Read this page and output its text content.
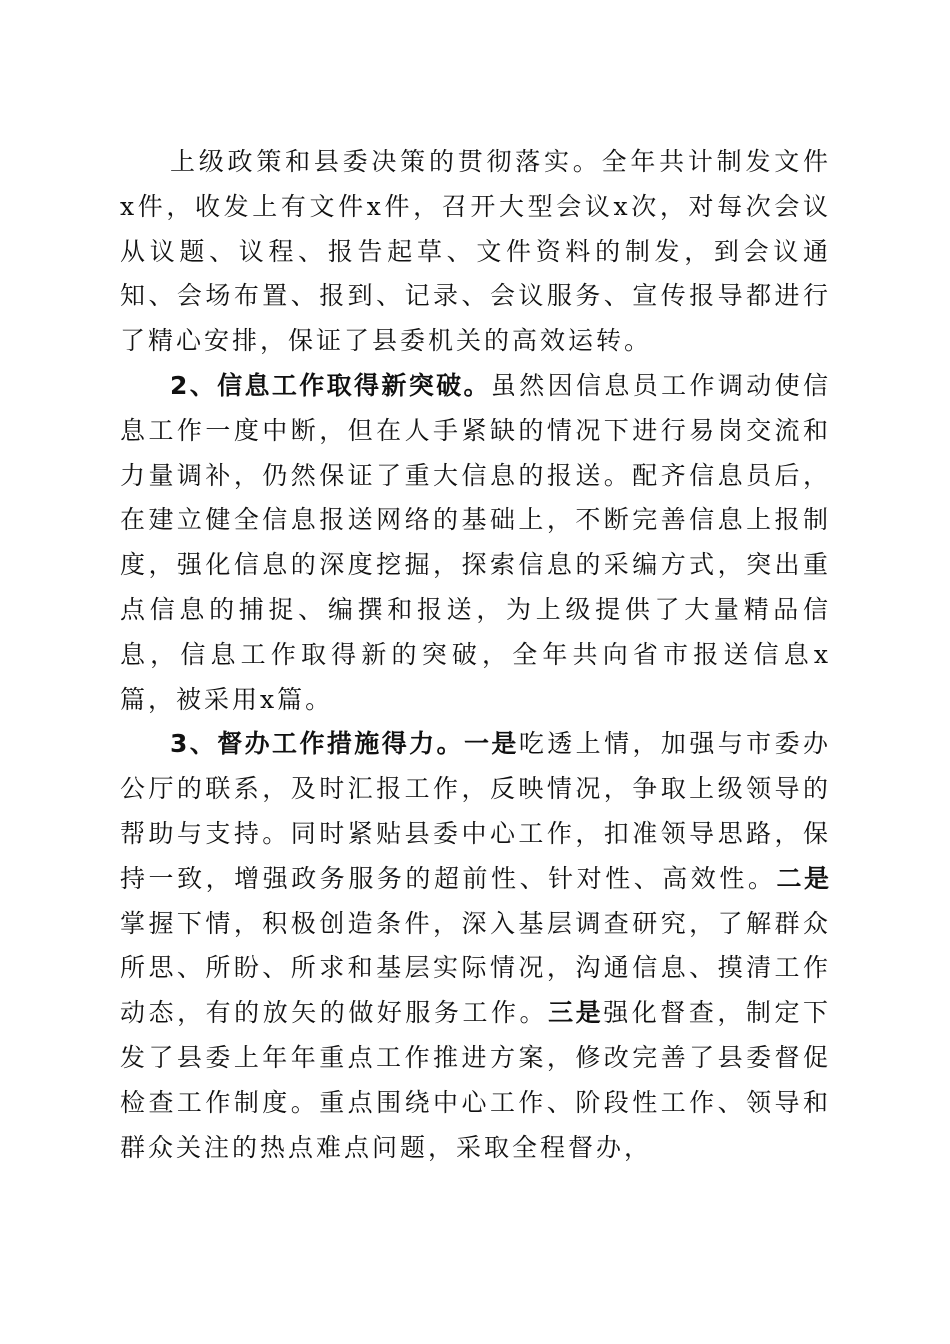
上级政策和县委决策的贯彻落实。全年共计制发文件x件，收发上有文件x件，召开大型会议x次，对每次会议从议题、议程、报告起草、文件资料的制发，到会议通知、会场布置、报到、记录、会议服务、宣传报导都进行了精心安排，保证了县委机关的高效运转。

2、信息工作取得新突破。虽然因信息员工作调动使信息工作一度中断，但在人手紧缺的情况下进行易岗交流和力量调补，仍然保证了重大信息的报送。配齐信息员后，在建立健全信息报送网络的基础上，不断完善信息上报制度，强化信息的深度挖掘，探索信息的采编方式，突出重点信息的捕捉、编撰和报送，为上级提供了大量精品信息，信息工作取得新的突破，全年共向省市报送信息x篇，被采用x篇。

3、督办工作措施得力。一是吃透上情，加强与市委办公厅的联系，及时汇报工作，反映情况，争取上级领导的帮助与支持。同时紧贴县委中心工作，扣准领导思路，保持一致，增强政务服务的超前性、针对性、高效性。二是掌握下情，积极创造条件，深入基层调查研究，了解群众所思、所盼、所求和基层实际情况，沟通信息、摸清工作动态，有的放矢的做好服务工作。三是强化督查，制定下发了县委上年年重点工作推进方案，修改完善了县委督促检查工作制度。重点围绕中心工作、阶段性工作、领导和群众关注的热点难点问题，采取全程督办，
